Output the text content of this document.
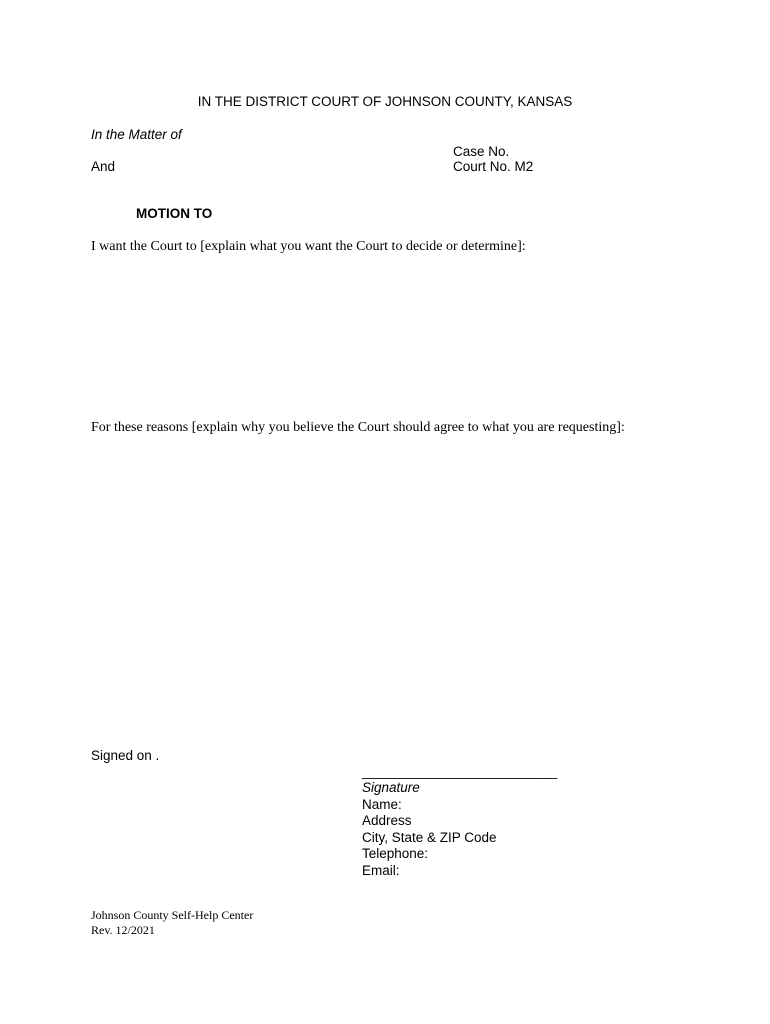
IN THE DISTRICT COURT OF JOHNSON COUNTY, KANSAS
In the Matter of
Case No.
And	Court No. M2
MOTION TO
I want the Court to [explain what you want the Court to decide or determine]:
For these reasons [explain why you believe the Court should agree to what you are requesting]:
Signed on .
__________________________
Signature
Name:
Address
City, State & ZIP Code
Telephone:
Email:
Johnson County Self-Help Center
Rev. 12/2021
